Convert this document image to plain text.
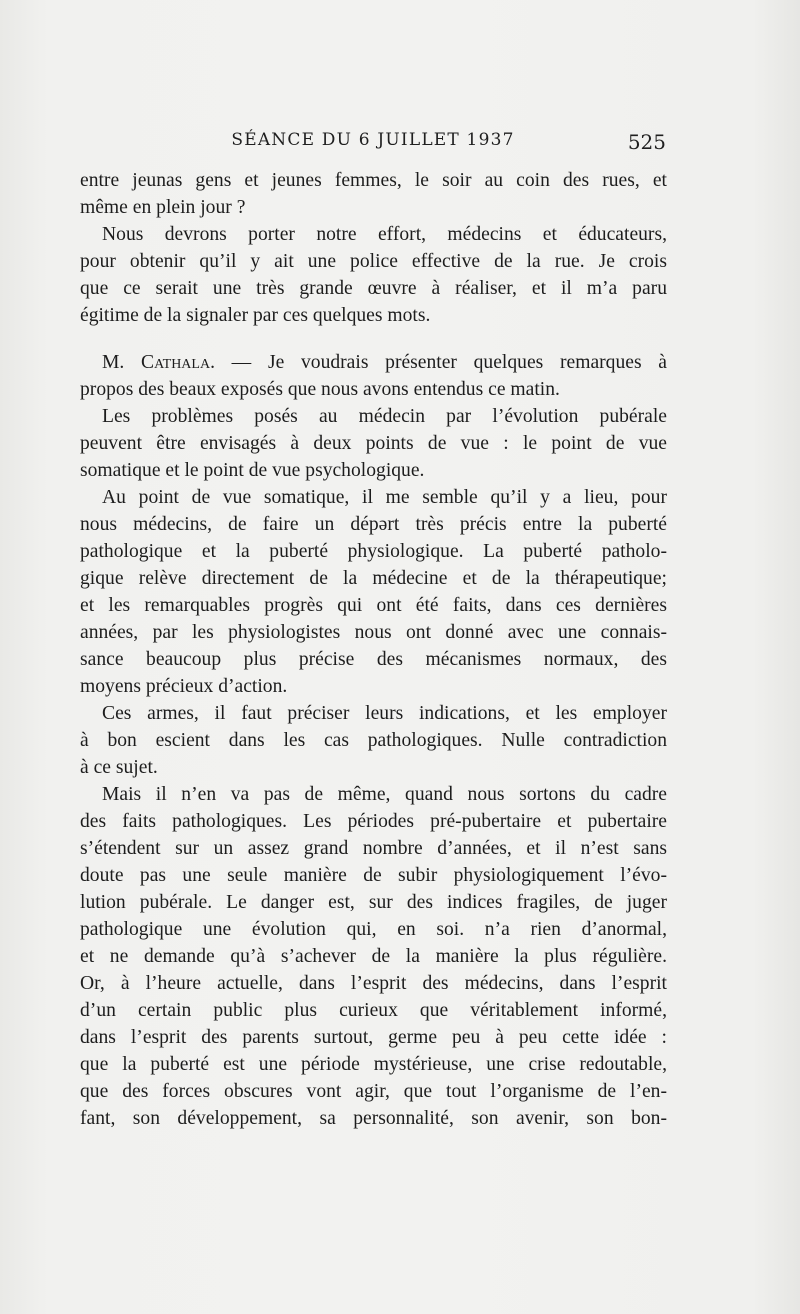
SÉANCE DU 6 JUILLET 1937	525
entre jeunas gens et jeunes femmes, le soir au coin des rues, et
même en plein jour ?
Nous devrons porter notre effort, médecins et éducateurs,
pour obtenir qu’il y ait une police effective de la rue. Je crois
que ce serait une très grande œuvre à réaliser, et il m’a paru
égitime de la signaler par ces quelques mots.
M. Cathala. — Je voudrais présenter quelques remarques à
propos des beaux exposés que nous avons entendus ce matin.
Les problèmes posés au médecin par l’évolution pubérale
peuvent être envisagés à deux points de vue : le point de vue
somatique et le point de vue psychologique.
Au point de vue somatique, il me semble qu’il y a lieu, pour
nous médecins, de faire un dépərt très précis entre la puberté
pathologique et la puberté physiologique. La puberté patholo-
gique relève directement de la médecine et de la thérapeutique;
et les remarquables progrès qui ont été faits, dans ces dernières
années, par les physiologistes nous ont donné avec une connais-
sance beaucoup plus précise des mécanismes normaux, des
moyens précieux d’action.
Ces armes, il faut préciser leurs indications, et les employer
à bon escient dans les cas pathologiques. Nulle contradiction
à ce sujet.
Mais il n’en va pas de même, quand nous sortons du cadre
des faits pathologiques. Les périodes pré-pubertaire et pubertaire
s’étendent sur un assez grand nombre d’années, et il n’est sans
doute pas une seule manière de subir physiologiquement l’évo-
lution pubérale. Le danger est, sur des indices fragiles, de juger
pathologique une évolution qui, en soi. n’a rien d’anormal,
et ne demande qu’à s’achever de la manière la plus régulière.
Or, à l’heure actuelle, dans l’esprit des médecins, dans l’esprit
d’un certain public plus curieux que véritablement informé,
dans l’esprit des parents surtout, germe peu à peu cette idée :
que la puberté est une période mystérieuse, une crise redoutable,
que des forces obscures vont agir, que tout l’organisme de l’en-
fant, son développement, sa personnalité, son avenir, son bon-
